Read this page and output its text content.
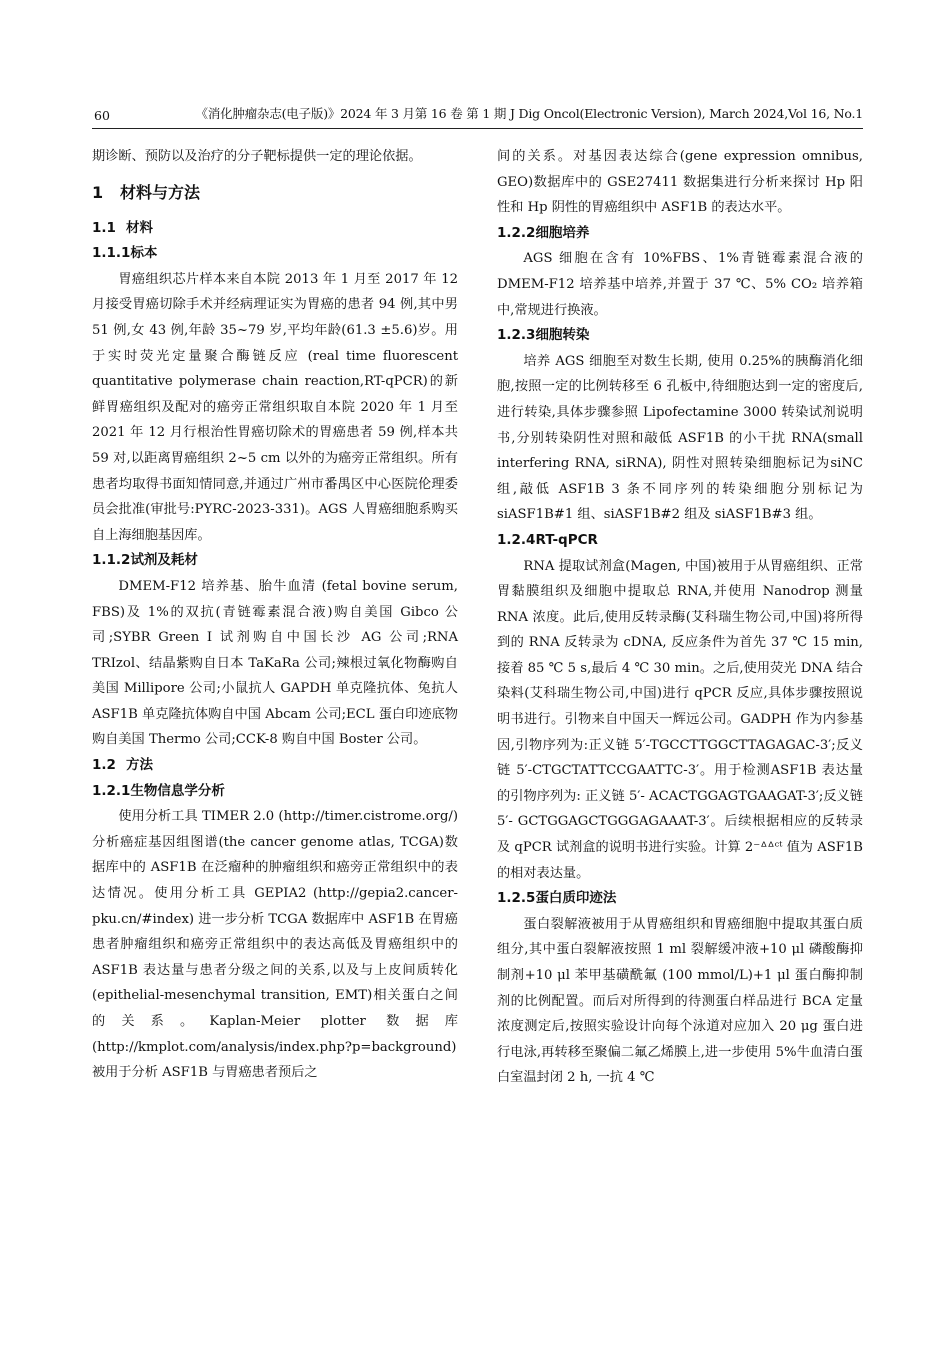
60	《消化肿瘤杂志(电子版)》2024 年 3 月第 16 卷 第 1 期 J Dig Oncol(Electronic Version), March 2024,Vol 16, No.1

期诊断、预防以及治疗的分子靶标提供一定的理论依据。

1 材料与方法
1.1 材料
1.1.1标本

胃癌组织芯片样本来自本院 2013 年 1 月至 2017 年 12 月接受胃癌切除手术并经病理证实为胃癌的患者 94 例,其中男 51 例,女 43 例,年龄 35~79 岁,平均年龄(61.3 ±5.6)岁。用于实时荧光定量聚合酶链反应 (real time fluorescent quantitative polymerase chain reaction,RT-qPCR)的新鲜胃癌组织及配对的癌旁正常组织取自本院 2020 年 1 月至 2021 年 12 月行根治性胃癌切除术的胃癌患者 59 例,样本共 59 对,以距离胃癌组织 2~5 cm 以外的为癌旁正常组织。所有患者均取得书面知情同意,并通过广州市番禺区中心医院伦理委员会批准(审批号:PYRC-2023-331)。AGS 人胃癌细胞系购买自上海细胞基因库。

1.1.2试剂及耗材

DMEM-F12 培养基、胎牛血清 (fetal bovine serum, FBS)及 1%的双抗(青链霉素混合液)购自美国 Gibco 公司;SYBR Green I 试剂购自中国长沙 AG 公司;RNA TRIzol、结晶紫购自日本 TaKaRa 公司;辣根过氧化物酶购自美国 Millipore 公司;小鼠抗人 GAPDH 单克隆抗体、兔抗人 ASF1B 单克隆抗体购自中国 Abcam 公司;ECL 蛋白印迹底物购自美国 Thermo 公司;CCK-8 购自中国 Boster 公司。

1.2 方法
1.2.1生物信息学分析

使用分析工具 TIMER 2.0 (http://timer.cistrome.org/) 分析癌症基因组图谱(the cancer genome atlas, TCGA)数据库中的 ASF1B 在泛瘤种的肿瘤组织和癌旁正常组织中的表达情况。使用分析工具 GEPIA2 (http://gepia2.cancer-pku.cn/#index) 进一步分析 TCGA 数据库中 ASF1B 在胃癌患者肿瘤组织和癌旁正常组织中的表达高低及胃癌组织中的 ASF1B 表达量与患者分级之间的关系,以及与上皮间质转化(epithelial-mesenchymal transition, EMT)相关蛋白之间的关系。Kaplan-Meier plotter 数据库(http://kmplot.com/analysis/index.php?p=background)被用于分析 ASF1B 与胃癌患者预后之

间的关系。对基因表达综合(gene expression omnibus, GEO)数据库中的 GSE27411 数据集进行分析来探讨 Hp 阳性和 Hp 阴性的胃癌组织中 ASF1B 的表达水平。

1.2.2细胞培养

AGS 细胞在含有 10%FBS、1%青链霉素混合液的 DMEM-F12 培养基中培养,并置于 37 ℃、5% CO₂ 培养箱中,常规进行换液。

1.2.3细胞转染

培养 AGS 细胞至对数生长期, 使用 0.25%的胰酶消化细胞,按照一定的比例转移至 6 孔板中,待细胞达到一定的密度后,进行转染,具体步骤参照 Lipofectamine 3000 转染试剂说明书,分别转染阴性对照和敲低 ASF1B 的小干扰 RNA(small interfering RNA, siRNA), 阴性对照转染细胞标记为siNC 组,敲低 ASF1B 3 条不同序列的转染细胞分别标记为 siASF1B#1 组、siASF1B#2 组及 siASF1B#3 组。

1.2.4RT-qPCR

RNA 提取试剂盒(Magen, 中国)被用于从胃癌组织、正常胃黏膜组织及细胞中提取总 RNA,并使用 Nanodrop 测量 RNA 浓度。此后,使用反转录酶(艾科瑞生物公司,中国)将所得到的 RNA 反转录为 cDNA, 反应条件为首先 37 ℃ 15 min, 接着 85 ℃ 5 s,最后 4 ℃ 30 min。之后,使用荧光 DNA 结合染料(艾科瑞生物公司,中国)进行 qPCR 反应,具体步骤按照说明书进行。引物来自中国天一辉远公司。GADPH 作为内参基因,引物序列为:正义链 5′-TGCCTTGGCTTAGAGAC-3′;反义链 5′-CTGCTATTCCGAATTC-3′。用于检测ASF1B 表达量的引物序列为: 正义链 5′- ACACTGGAGTGAAGAT-3′;反义链 5′- GCTGGAGCTGGGAGAAAT-3′。后续根据相应的反转录及 qPCR 试剂盒的说明书进行实验。计算 2⁻ᐞᐞᶜᵗ 值为 ASF1B 的相对表达量。

1.2.5蛋白质印迹法

蛋白裂解液被用于从胃癌组织和胃癌细胞中提取其蛋白质组分,其中蛋白裂解液按照 1 ml 裂解缓冲液+10 μl 磷酸酶抑制剂+10 μl 苯甲基磺酰氟 (100 mmol/L)+1 μl 蛋白酶抑制剂的比例配置。而后对所得到的待测蛋白样品进行 BCA 定量浓度测定后,按照实验设计向每个泳道对应加入 20 μg 蛋白进行电泳,再转移至聚偏二氟乙烯膜上,进一步使用 5%牛血清白蛋白室温封闭 2 h, 一抗 4 ℃
